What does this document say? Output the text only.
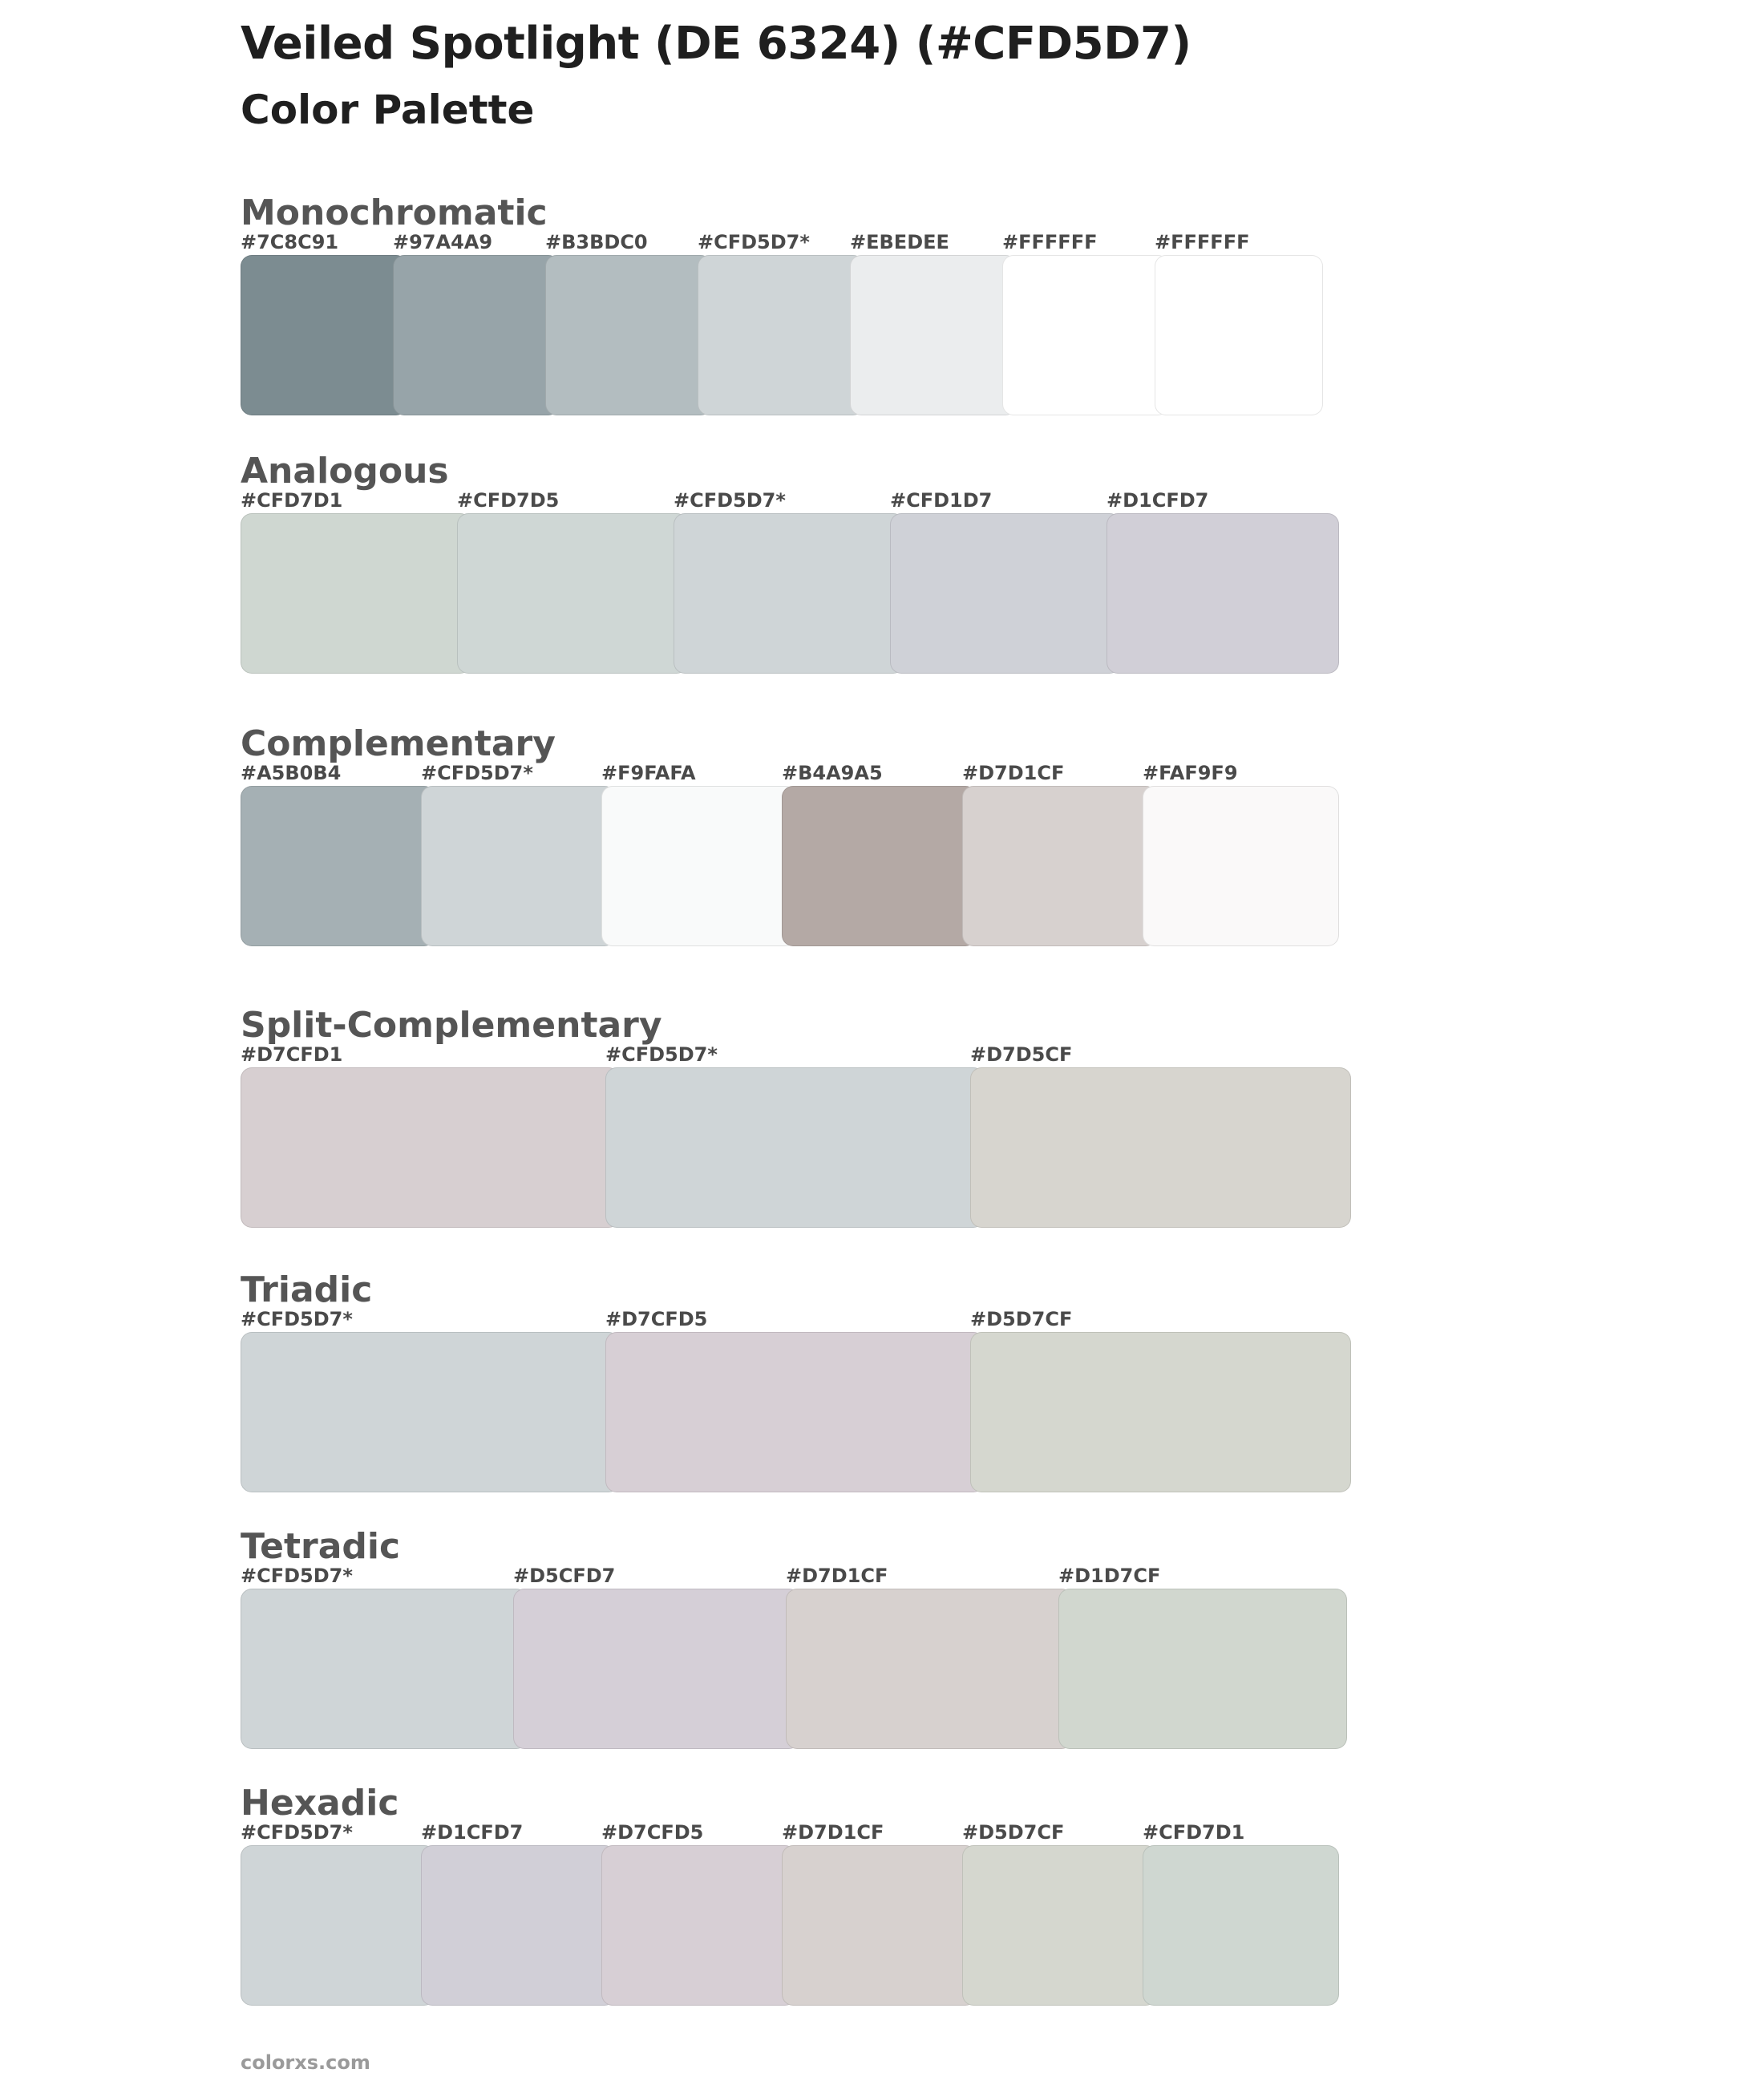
Veiled Spotlight (DE 6324) (#CFD5D7)
Color Palette
Monochromatic
#7C8C91	#97A4A9	#B3BDC0	#CFD5D7* #EBEDEE	#FFFFFF	#FFFFFF
Analogous
#CFD7D1	#CFD7D5	#CFD5D7*	#CFD1D7	#D1CFD7
Complementary
#A5B0B4	#CFD5D7*	#F9FAFA	#B4A9A5	#D7D1CF	#FAF9F9
Split-Complementary
#D7CFD1	#CFD5D7*	#D7D5CF
Triadic
#CFD5D7*	#D7CFD5	#D5D7CF
Tetradic
#CFD5D7*	#D5CFD7	#D7D1CF	#D1D7CF
Hexadic
#CFD5D7*	#D1CFD7	#D7CFD5	#D7D1CF	#D5D7CF	#CFD7D1
colorxs.com
